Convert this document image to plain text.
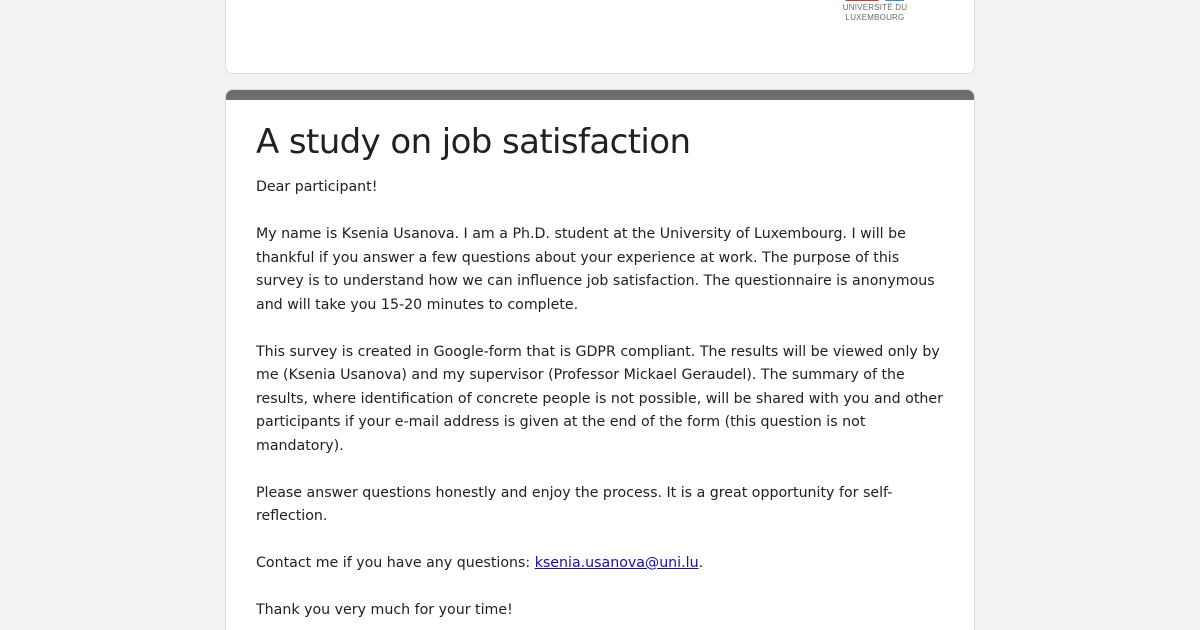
UNIVERSITÉ DU
LUXEMBOURG
A study on job satisfaction

Dear participant!

My name is Ksenia Usanova. I am a Ph.D. student at the University of Luxembourg. I will be thankful if you answer a few questions about your experience at work. The purpose of this survey is to understand how we can influence job satisfaction. The questionnaire is anonymous and will take you 15-20 minutes to complete.

This survey is created in Google-form that is GDPR compliant. The results will be viewed only by me (Ksenia Usanova) and my supervisor (Professor Mickael Geraudel). The summary of the results, where identification of concrete people is not possible, will be shared with you and other participants if your e-mail address is given at the end of the form (this question is not mandatory).

Please answer questions honestly and enjoy the process. It is a great opportunity for self-reflection.

Contact me if you have any questions: ksenia.usanova@uni.lu.

Thank you very much for your time!
